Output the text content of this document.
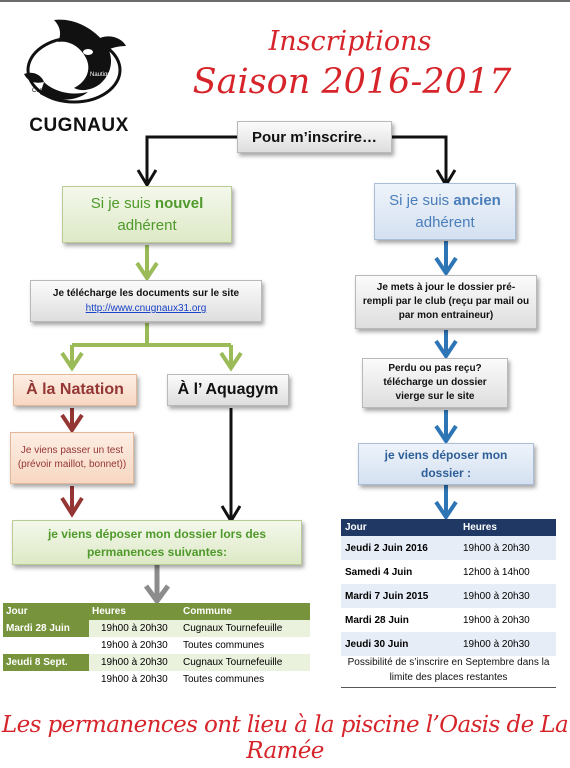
Cercle
Nautique
CUGNAUX
Inscriptions
Saison 2016-2017
Pour m’inscrire…
Si je suis nouvel
adhérent
Si je suis ancien
adhérent
Je télécharge les documents sur le site
http://www.cnugnaux31.org
À la Natation	À l’ Aquagym
Je viens passer un test (prévoir maillot, bonnet))
je viens déposer mon dossier lors des permanences suivantes:
Je mets à jour le dossier pré-rempli par le club (reçu par mail ou par mon entraineur)
Perdu ou pas reçu? télécharge un dossier vierge sur le site
je viens déposer mon dossier :
Jour	Heures	Commune
Mardi 28 Juin	19h00 à 20h30	Cugnaux Tournefeuille
Jeudi 30 Juin	19h00 à 20h30	Toutes communes
Jeudi 8 Sept.	19h00 à 20h30	Cugnaux Tournefeuille
Vend. 9 Sep.	19h00 à 20h30	Toutes communes
Jour	Heures
Jeudi 2 Juin 2016	19h00 à 20h30
Samedi 4 Juin	12h00 à 14h00
Mardi 7 Juin 2015	19h00 à 20h30
Mardi 28 Juin	19h00 à 20h30
Jeudi 30 Juin	19h00 à 20h30
Possibilité de s’inscrire en Septembre dans la limite des places restantes
Les permanences ont lieu à la piscine l’Oasis de La Ramée
